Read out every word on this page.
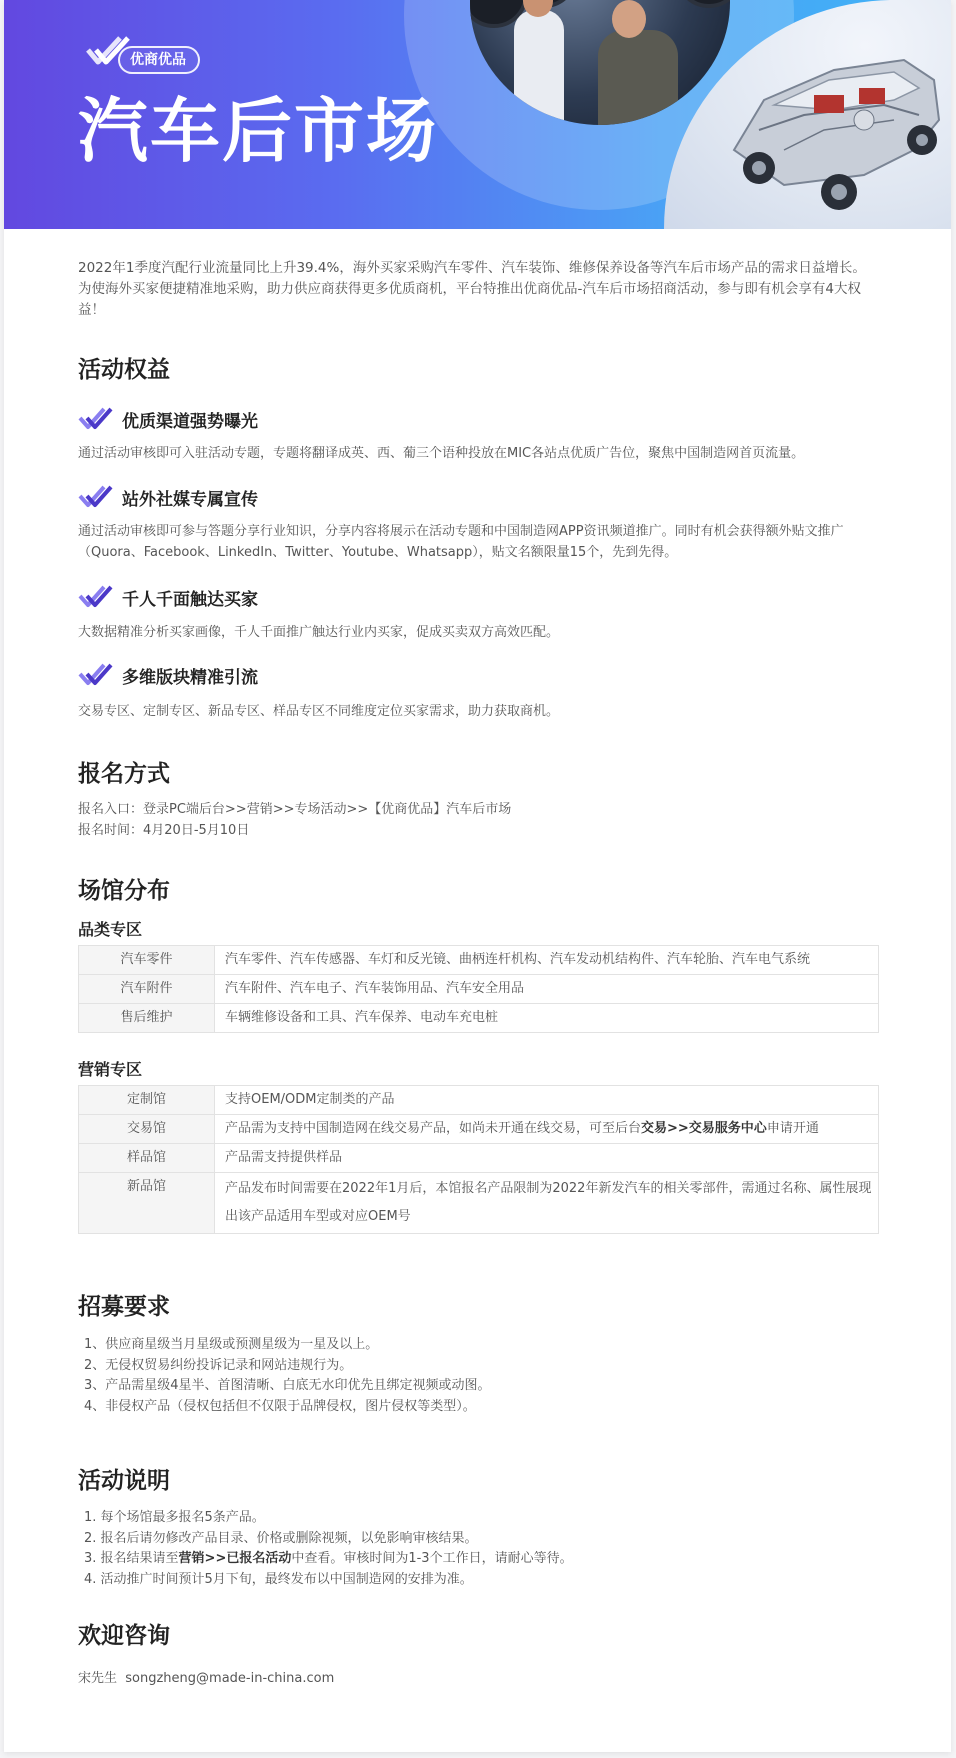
优商优品
汽车后市场

2022年1季度汽配行业流量同比上升39.4%，海外买家采购汽车零件、汽车装饰、维修保养设备等汽车后市场产品的需求日益增长。为使海外买家便捷精准地采购，助力供应商获得更多优质商机，平台特推出优商优品-汽车后市场招商活动，参与即有机会享有4大权益！

活动权益
优质渠道强势曝光
通过活动审核即可入驻活动专题，专题将翻译成英、西、葡三个语种投放在MIC各站点优质广告位，聚焦中国制造网首页流量。
站外社媒专属宣传
通过活动审核即可参与答题分享行业知识，分享内容将展示在活动专题和中国制造网APP资讯频道推广。同时有机会获得额外贴文推广（Quora、Facebook、LinkedIn、Twitter、Youtube、Whatsapp），贴文名额限量15个，先到先得。
千人千面触达买家
大数据精准分析买家画像，千人千面推广触达行业内买家，促成买卖双方高效匹配。
多维版块精准引流
交易专区、定制专区、新品专区、样品专区不同维度定位买家需求，助力获取商机。
报名方式
报名入口：登录PC端后台>>营销>>专场活动>>【优商优品】汽车后市场
报名时间：4月20日-5月10日
场馆分布
品类专区
汽车零件	汽车零件、汽车传感器、车灯和反光镜、曲柄连杆机构、汽车发动机结构件、汽车轮胎、汽车电气系统
汽车附件	汽车附件、汽车电子、汽车装饰用品、汽车安全用品
售后维护	车辆维修设备和工具、汽车保养、电动车充电桩
营销专区
定制馆	支持OEM/ODM定制类的产品
交易馆	产品需为支持中国制造网在线交易产品，如尚未开通在线交易，可至后台交易>>交易服务中心申请开通
样品馆	产品需支持提供样品
新品馆	产品发布时间需要在2022年1月后，本馆报名产品限制为2022年新发汽车的相关零部件，需通过名称、属性展现出该产品适用车型或对应OEM号
招募要求
1、供应商星级当月星级或预测星级为一星及以上。
2、无侵权贸易纠纷投诉记录和网站违规行为。
3、产品需星级4星半、首图清晰、白底无水印优先且绑定视频或动图。
4、非侵权产品（侵权包括但不仅限于品牌侵权，图片侵权等类型）。
活动说明
1. 每个场馆最多报名5条产品。
2. 报名后请勿修改产品目录、价格或删除视频，以免影响审核结果。
3. 报名结果请至营销>>已报名活动中查看。审核时间为1-3个工作日，请耐心等待。
4. 活动推广时间预计5月下旬，最终发布以中国制造网的安排为准。
欢迎咨询
宋先生  songzheng@made-in-china.com
